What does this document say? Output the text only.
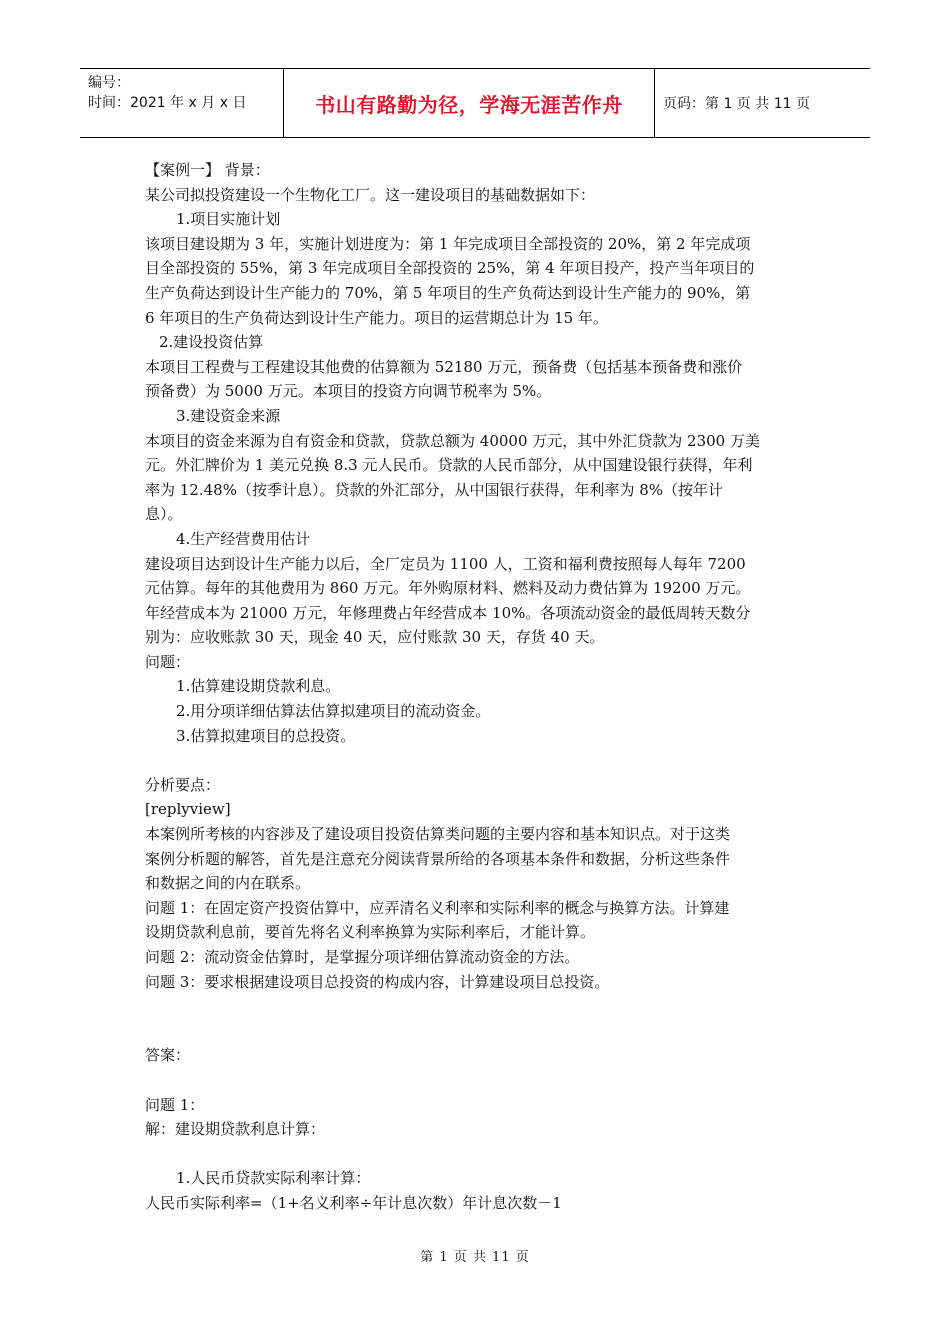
编号：
时间：2021 年 x 月 x 日	书山有路勤为径，学海无涯苦作舟	页码：第 1 页 共 11 页
【案例一】 背景：
某公司拟投资建设一个生物化工厂。这一建设项目的基础数据如下：
1.项目实施计划
该项目建设期为 3 年，实施计划进度为：第 1 年完成项目全部投资的 20%，第 2 年完成项
目全部投资的 55%，第 3 年完成项目全部投资的 25%，第 4 年项目投产，投产当年项目的
生产负荷达到设计生产能力的 70%，第 5 年项目的生产负荷达到设计生产能力的 90%，第
6 年项目的生产负荷达到设计生产能力。项目的运营期总计为 15 年。
2.建设投资估算
本项目工程费与工程建设其他费的估算额为 52180 万元，预备费（包括基本预备费和涨价
预备费）为 5000 万元。本项目的投资方向调节税率为 5%。
3.建设资金来源
本项目的资金来源为自有资金和贷款，贷款总额为 40000 万元，其中外汇贷款为 2300 万美
元。外汇牌价为 1 美元兑换 8.3 元人民币。贷款的人民币部分，从中国建设银行获得，年利
率为 12.48%（按季计息）。贷款的外汇部分，从中国银行获得，年利率为 8%（按年计
息）。
4.生产经营费用估计
建设项目达到设计生产能力以后，全厂定员为 1100 人，工资和福利费按照每人每年 7200
元估算。每年的其他费用为 860 万元。年外购原材料、燃料及动力费估算为 19200 万元。
年经营成本为 21000 万元，年修理费占年经营成本 10%。各项流动资金的最低周转天数分
别为：应收账款 30 天，现金 40 天，应付账款 30 天，存货 40 天。
问题：
1.估算建设期贷款利息。
2.用分项详细估算法估算拟建项目的流动资金。
3.估算拟建项目的总投资。
分析要点：
[replyview]
本案例所考核的内容涉及了建设项目投资估算类问题的主要内容和基本知识点。对于这类
案例分析题的解答，首先是注意充分阅读背景所给的各项基本条件和数据，分析这些条件
和数据之间的内在联系。
问题 1：在固定资产投资估算中，应弄清名义利率和实际利率的概念与换算方法。计算建
设期贷款利息前，要首先将名义利率换算为实际利率后，才能计算。
问题 2：流动资金估算时，是掌握分项详细估算流动资金的方法。
问题 3：要求根据建设项目总投资的构成内容，计算建设项目总投资。
答案：
问题 1：
解：建设期贷款利息计算：
1.人民币贷款实际利率计算：
人民币实际利率=（1+名义利率÷年计息次数）年计息次数－1
第 1 页 共 11 页
